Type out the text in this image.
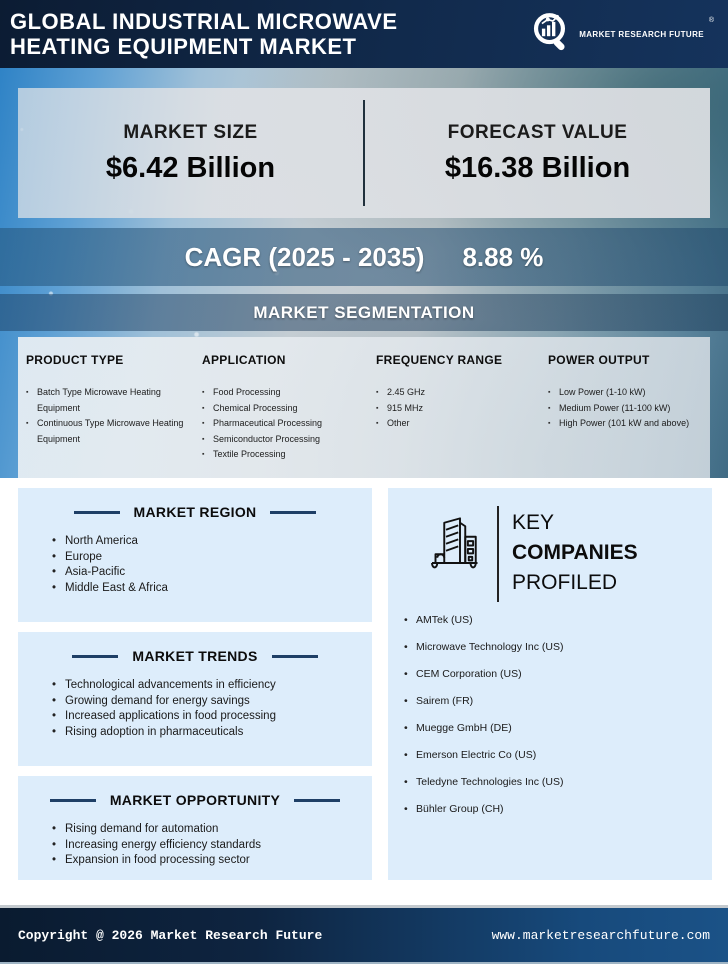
GLOBAL INDUSTRIAL MICROWAVE
HEATING EQUIPMENT MARKET	MARKET RESEARCH FUTURE
®
MARKET SIZE
$6.42 Billion
FORECAST VALUE
$16.38 Billion
CAGR (2025 - 2035) 8.88 %
MARKET SEGMENTATION
PRODUCT TYPE
▪ Batch Type Microwave Heating Equipment
▪ Continuous Type Microwave Heating Equipment
APPLICATION
▪ Food Processing
▪ Chemical Processing
▪ Pharmaceutical Processing
▪ Semiconductor Processing
▪ Textile Processing
FREQUENCY RANGE
▪ 2.45 GHz
▪ 915 MHz
▪ Other
POWER OUTPUT
▪ Low Power (1-10 kW)
▪ Medium Power (11-100 kW)
▪ High Power (101 kW and above)
MARKET REGION
• North America
• Europe
• Asia-Pacific
• Middle East & Africa
MARKET TRENDS
• Technological advancements in efficiency
• Growing demand for energy savings
• Increased applications in food processing
• Rising adoption in pharmaceuticals
MARKET OPPORTUNITY
• Rising demand for automation
• Increasing energy efficiency standards
• Expansion in food processing sector
KEY
COMPANIES
PROFILED
• AMTek (US)
• Microwave Technology Inc (US)
• CEM Corporation (US)
• Sairem (FR)
• Muegge GmbH (DE)
• Emerson Electric Co (US)
• Teledyne Technologies Inc (US)
• Bühler Group (CH)
Copyright @ 2025 Market Research Future	www.marketresearchfuture.com
Copyright @ 2026 Market Research Future	www.marketresearchfuture.com
